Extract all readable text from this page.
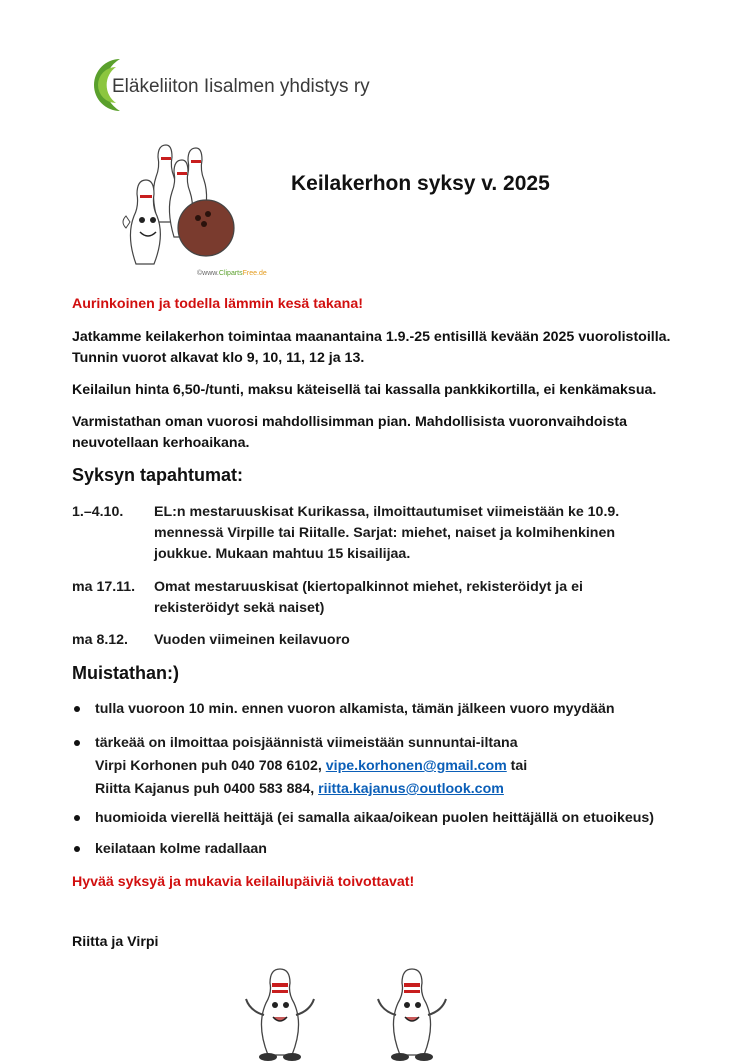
Eläkeliiton Iisalmen yhdistys ry
©www.ClipartsFree.de
Keilakerhon syksy v. 2025
Aurinkoinen ja todella lämmin kesä takana!
Jatkamme keilakerhon toimintaa maanantaina 1.9.-25 entisillä kevään 2025 vuorolistoilla. Tunnin vuorot alkavat klo 9, 10, 11, 12 ja 13.
Keilailun hinta 6,50-/tunti, maksu käteisellä tai kassalla pankkikortilla, ei kenkämaksua.
Varmistathan oman vuorosi mahdollisimman pian. Mahdollisista vuoronvaihdoista neuvotellaan kerhoaikana.
Syksyn tapahtumat:
1.–4.10. EL:n mestaruuskisat Kurikassa, ilmoittautumiset viimeistään ke 10.9. mennessä Virpille tai Riitalle. Sarjat: miehet, naiset ja kolmihenkinen joukkue. Mukaan mahtuu 15 kisailijaa.
ma 17.11. Omat mestaruuskisat (kiertopalkinnot miehet, rekisteröidyt ja ei rekisteröidyt sekä naiset)
ma 8.12. Vuoden viimeinen keilavuoro
Muistathan:)
tulla vuoroon 10 min. ennen vuoron alkamista, tämän jälkeen vuoro myydään
tärkeää on ilmoittaa poisjäännistä viimeistään sunnuntai-iltana
Virpi Korhonen puh 040 708 6102, vipe.korhonen@gmail.com tai
Riitta Kajanus puh 0400 583 884, riitta.kajanus@outlook.com
huomioida vierellä heittäjä (ei samalla aikaa/oikean puolen heittäjällä on etuoikeus)
keilataan kolme radallaan
Hyvää syksyä ja mukavia keilailupäiviä toivottavat!
Riitta ja Virpi
